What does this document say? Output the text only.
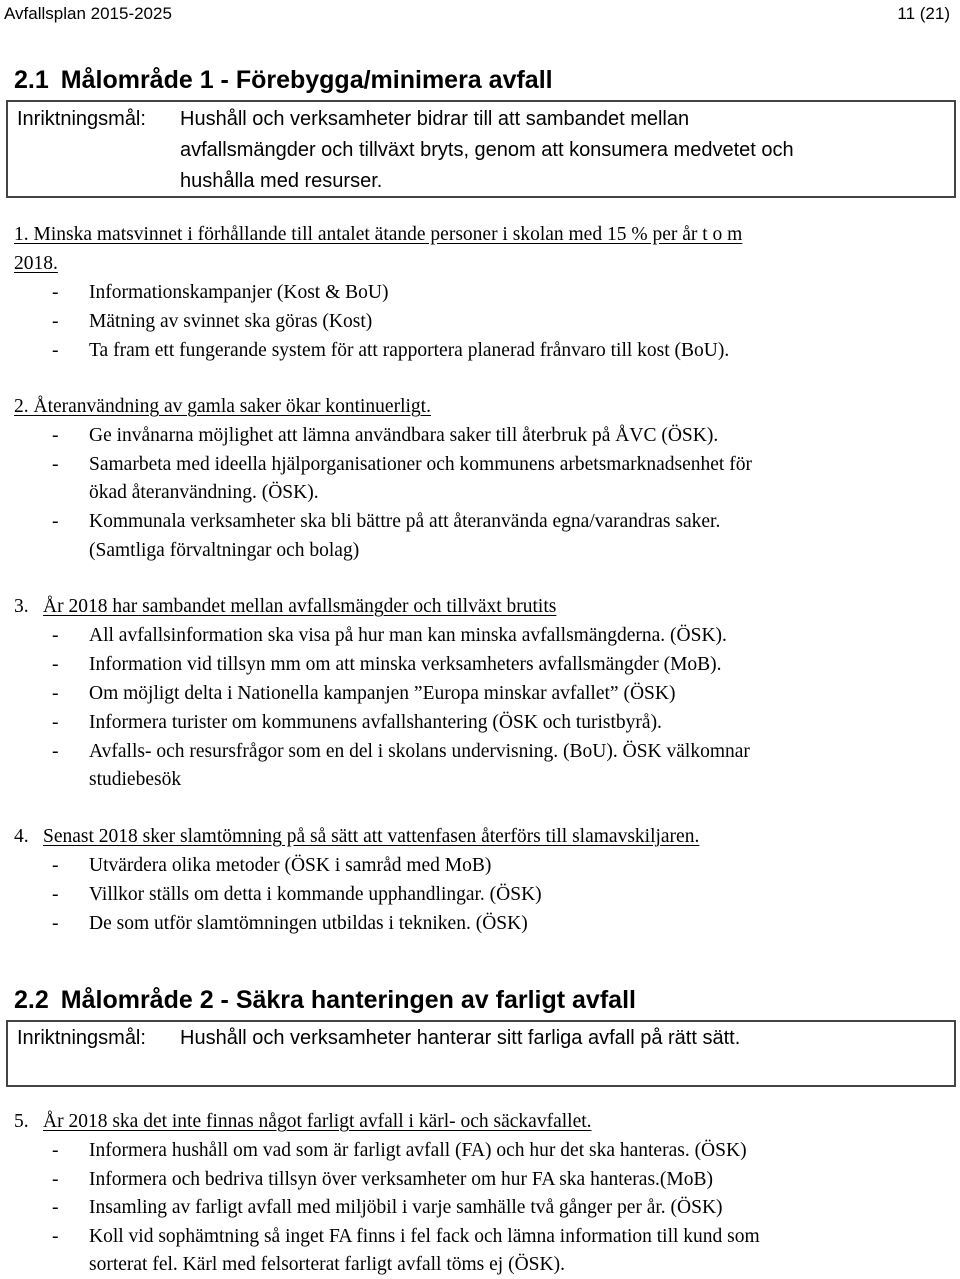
Avfallsplan 2015-2025	11 (21)
2.1 Målområde 1 - Förebygga/minimera avfall
Inriktningsmål: Hushåll och verksamheter bidrar till att sambandet mellan
avfallsmängder och tillväxt bryts, genom att konsumera medvetet och
hushålla med resurser.
1. Minska matsvinnet i förhållande till antalet ätande personer i skolan med 15 % per år t o m
2018.
- Informationskampanjer (Kost & BoU)
- Mätning av svinnet ska göras (Kost)
- Ta fram ett fungerande system för att rapportera planerad frånvaro till kost (BoU).
2. Återanvändning av gamla saker ökar kontinuerligt.
- Ge invånarna möjlighet att lämna användbara saker till återbruk på ÅVC (ÖSK).
- Samarbeta med ideella hjälporganisationer och kommunens arbetsmarknadsenhet för
ökad återanvändning. (ÖSK).
- Kommunala verksamheter ska bli bättre på att återanvända egna/varandras saker.
(Samtliga förvaltningar och bolag)
3. År 2018 har sambandet mellan avfallsmängder och tillväxt brutits
- All avfallsinformation ska visa på hur man kan minska avfallsmängderna. (ÖSK).
- Information vid tillsyn mm om att minska verksamheters avfallsmängder (MoB).
- Om möjligt delta i Nationella kampanjen ”Europa minskar avfallet” (ÖSK)
- Informera turister om kommunens avfallshantering (ÖSK och turistbyrå).
- Avfalls- och resursfrågor som en del i skolans undervisning. (BoU). ÖSK välkomnar
studiebesök
4. Senast 2018 sker slamtömning på så sätt att vattenfasen återförs till slamavskiljaren.
- Utvärdera olika metoder (ÖSK i samråd med MoB)
- Villkor ställs om detta i kommande upphandlingar. (ÖSK)
- De som utför slamtömningen utbildas i tekniken. (ÖSK)
2.2 Målområde 2 - Säkra hanteringen av farligt avfall
Inriktningsmål: Hushåll och verksamheter hanterar sitt farliga avfall på rätt sätt.
5. År 2018 ska det inte finnas något farligt avfall i kärl- och säckavfallet.
- Informera hushåll om vad som är farligt avfall (FA) och hur det ska hanteras. (ÖSK)
- Informera och bedriva tillsyn över verksamheter om hur FA ska hanteras.(MoB)
- Insamling av farligt avfall med miljöbil i varje samhälle två gånger per år. (ÖSK)
- Koll vid sophämtning så inget FA finns i fel fack och lämna information till kund som
sorterat fel. Kärl med felsorterat farligt avfall töms ej (ÖSK).
